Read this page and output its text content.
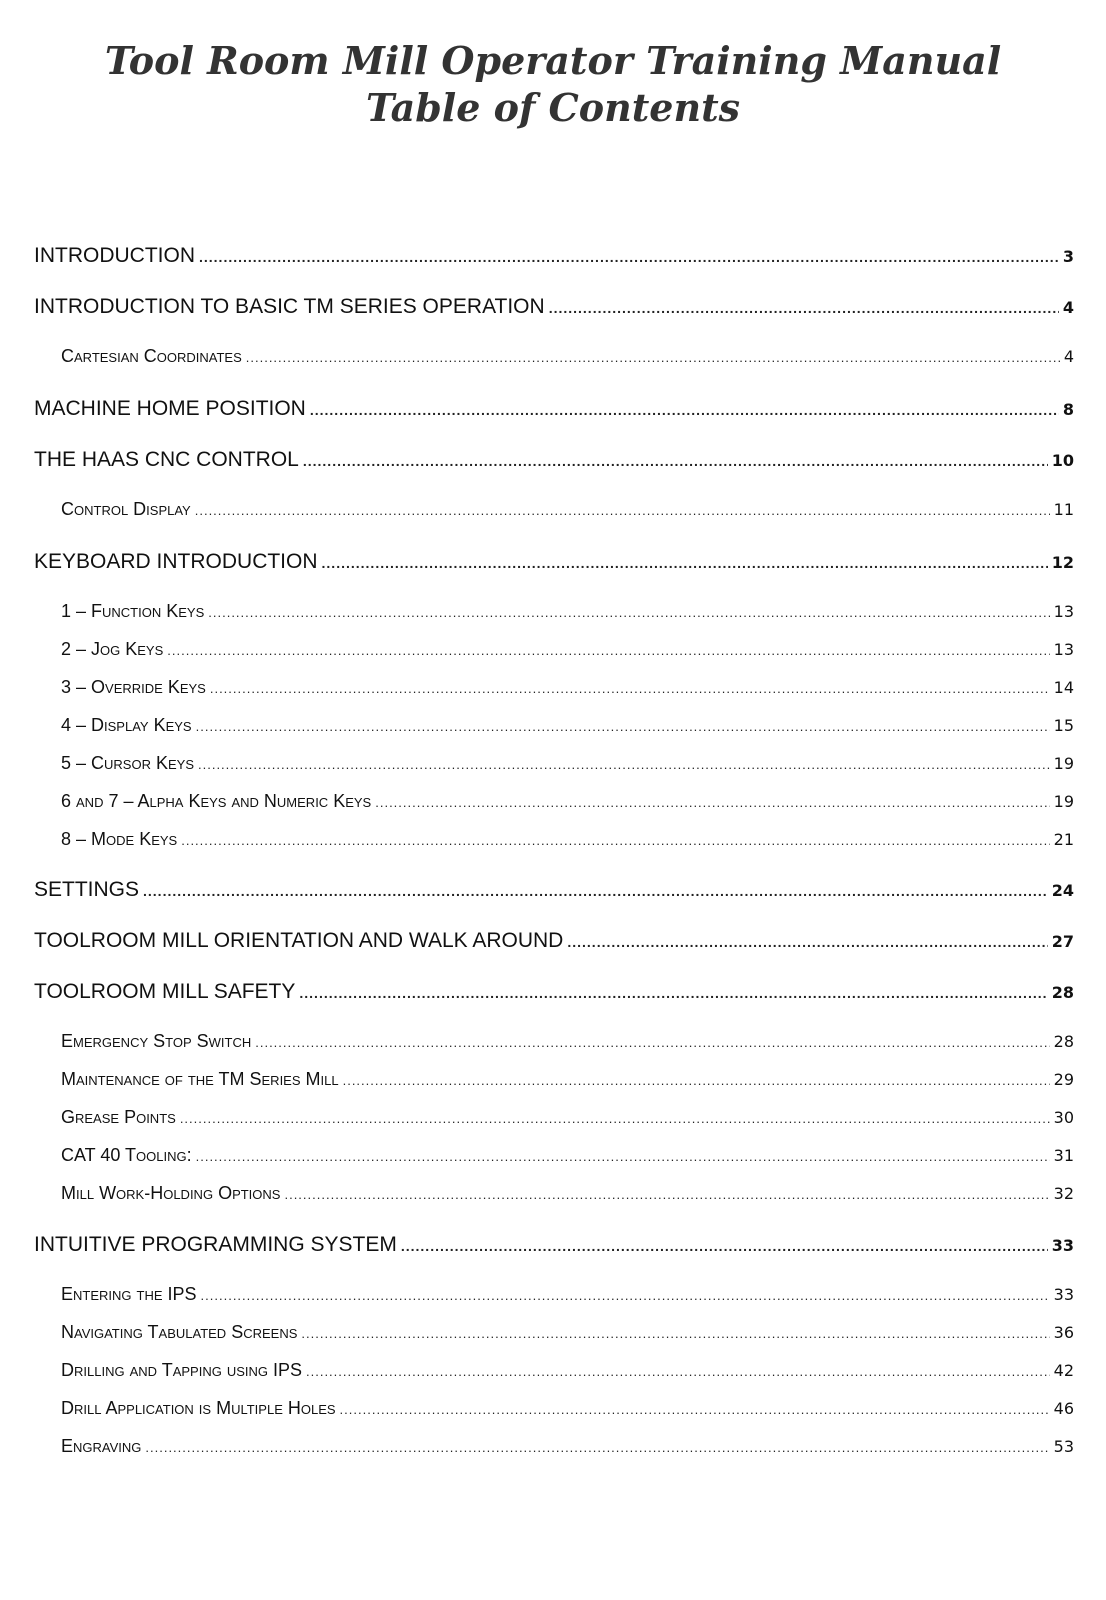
Tool Room Mill Operator Training Manual
Table of Contents
INTRODUCTION .....	3
INTRODUCTION TO BASIC TM SERIES OPERATION .....	4
Cartesian Coordinates .....	4
MACHINE HOME POSITION .....	8
THE HAAS CNC CONTROL .....	10
Control Display .....	11
KEYBOARD INTRODUCTION .....	12
1 – Function Keys .....	13
2 – Jog Keys .....	13
3 – Override Keys .....	14
4 – Display Keys .....	15
5 – Cursor Keys .....	19
6 and 7 – Alpha Keys and Numeric Keys .....	19
8 – Mode Keys .....	21
SETTINGS .....	24
TOOLROOM MILL ORIENTATION AND WALK AROUND .....	27
TOOLROOM MILL SAFETY .....	28
Emergency Stop Switch .....	28
Maintenance of the TM Series Mill .....	29
Grease Points .....	30
CAT 40 Tooling: .....	31
Mill Work-Holding Options .....	32
INTUITIVE PROGRAMMING SYSTEM .....	33
Entering the IPS .....	33
Navigating Tabulated Screens .....	36
Drilling and Tapping using IPS .....	42
Drill Application is Multiple Holes .....	46
Engraving .....	53
